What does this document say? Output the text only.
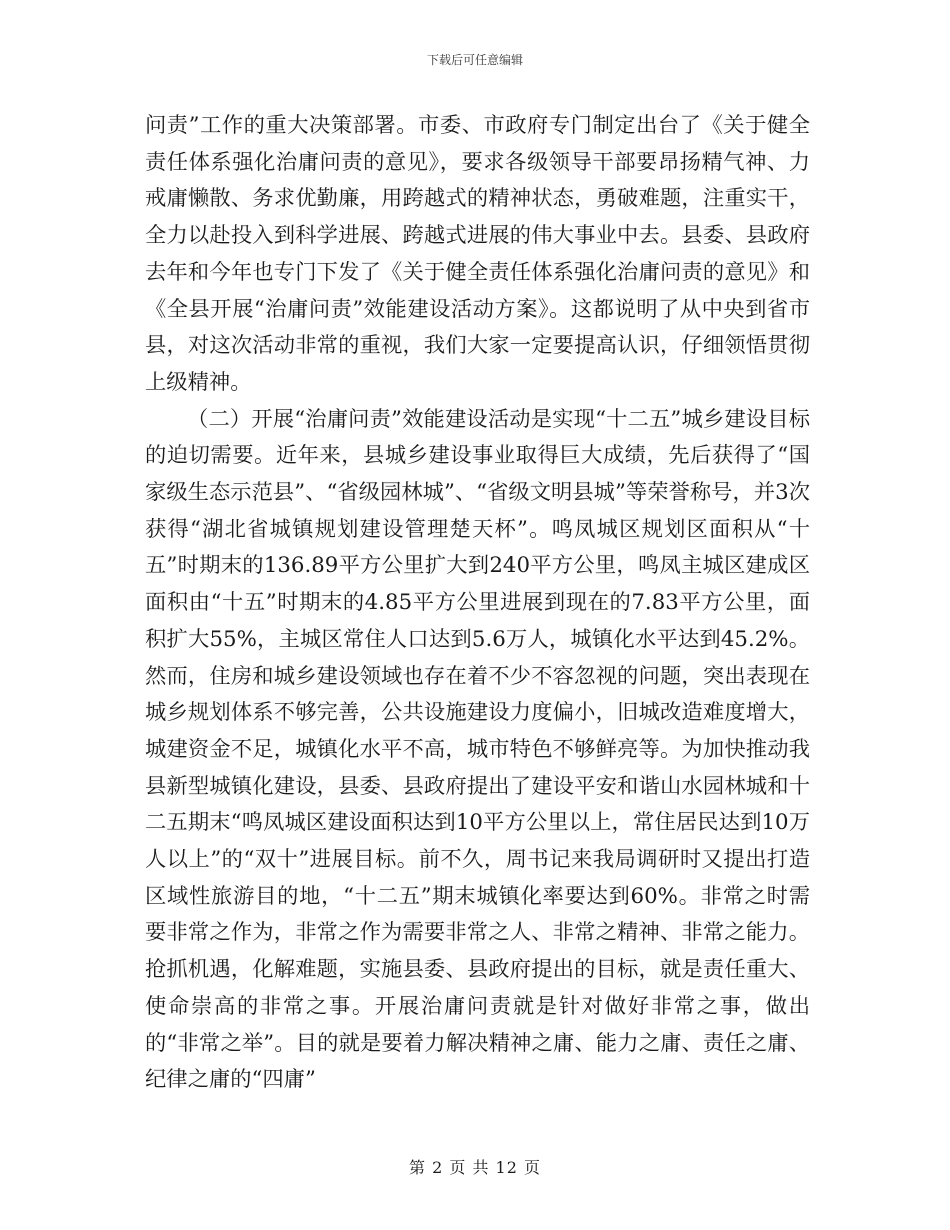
下载后可任意编辑

问责”工作的重大决策部署。市委、市政府专门制定出台了《关于健全责任体系强化治庸问责的意见》，要求各级领导干部要昂扬精气神、力戒庸懒散、务求优勤廉，用跨越式的精神状态，勇破难题，注重实干，全力以赴投入到科学进展、跨越式进展的伟大事业中去。县委、县政府去年和今年也专门下发了《关于健全责任体系强化治庸问责的意见》和《全县开展“治庸问责”效能建设活动方案》。这都说明了从中央到省市县，对这次活动非常的重视，我们大家一定要提高认识，仔细领悟贯彻上级精神。

（二）开展“治庸问责”效能建设活动是实现“十二五”城乡建设目标的迫切需要。近年来，县城乡建设事业取得巨大成绩，先后获得了“国家级生态示范县”、“省级园林城”、“省级文明县城”等荣誉称号，并3次获得“湖北省城镇规划建设管理楚天杯”。鸣凤城区规划区面积从“十五”时期末的136.89平方公里扩大到240平方公里，鸣凤主城区建成区面积由“十五”时期末的4.85平方公里进展到现在的7.83平方公里，面积扩大55%，主城区常住人口达到5.6万人，城镇化水平达到45.2%。然而，住房和城乡建设领域也存在着不少不容忽视的问题，突出表现在城乡规划体系不够完善，公共设施建设力度偏小，旧城改造难度增大，城建资金不足，城镇化水平不高，城市特色不够鲜亮等。为加快推动我县新型城镇化建设，县委、县政府提出了建设平安和谐山水园林城和十二五期末“鸣凤城区建设面积达到10平方公里以上，常住居民达到10万人以上”的“双十”进展目标。前不久，周书记来我局调研时又提出打造区域性旅游目的地，“十二五”期末城镇化率要达到60%。非常之时需要非常之作为，非常之作为需要非常之人、非常之精神、非常之能力。抢抓机遇，化解难题，实施县委、县政府提出的目标，就是责任重大、使命崇高的非常之事。开展治庸问责就是针对做好非常之事，做出的“非常之举”。目的就是要着力解决精神之庸、能力之庸、责任之庸、纪律之庸的“四庸”

第 2 页 共 12 页
